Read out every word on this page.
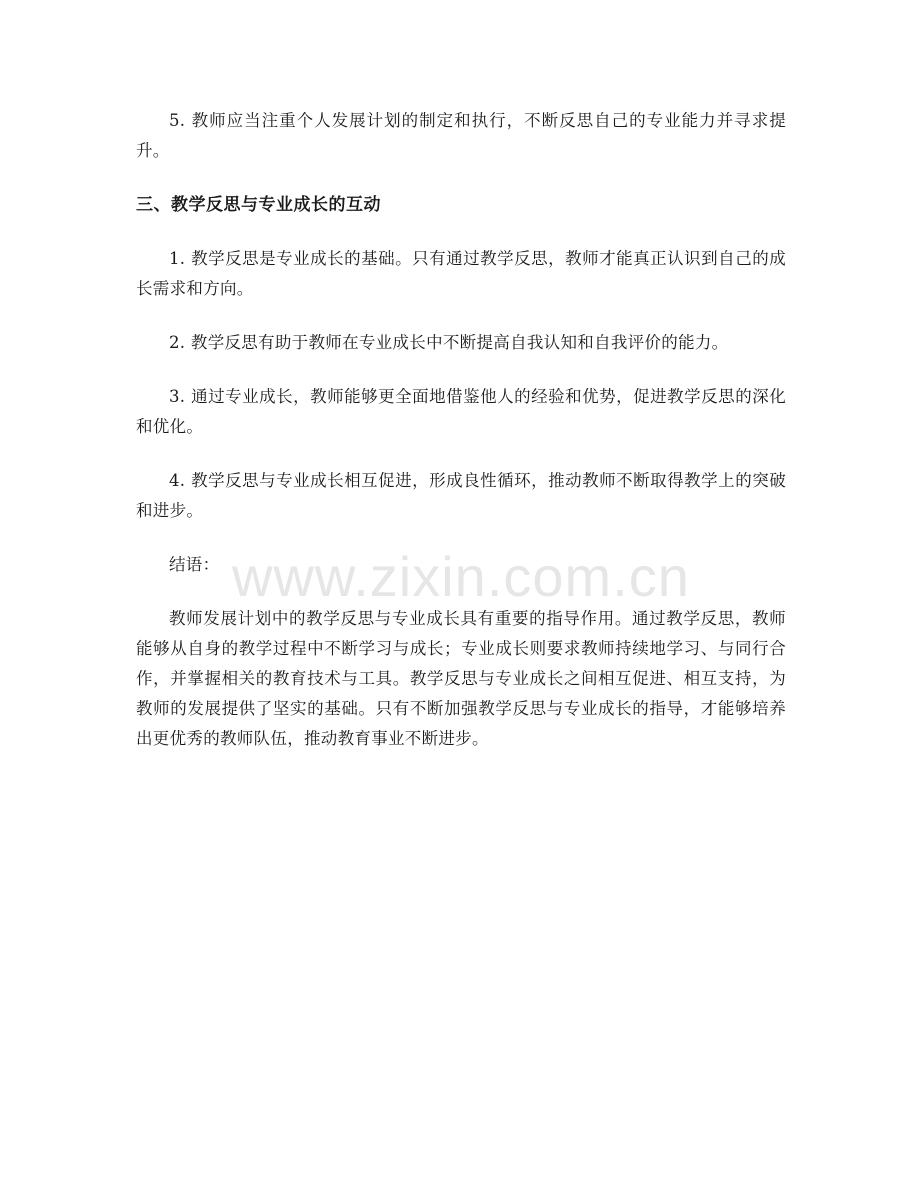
5. 教师应当注重个人发展计划的制定和执行，不断反思自己的专业能力并寻求提升。

三、教学反思与专业成长的互动

1. 教学反思是专业成长的基础。只有通过教学反思，教师才能真正认识到自己的成长需求和方向。

2. 教学反思有助于教师在专业成长中不断提高自我认知和自我评价的能力。

3. 通过专业成长，教师能够更全面地借鉴他人的经验和优势，促进教学反思的深化和优化。

4. 教学反思与专业成长相互促进，形成良性循环，推动教师不断取得教学上的突破和进步。

结语：

教师发展计划中的教学反思与专业成长具有重要的指导作用。通过教学反思，教师能够从自身的教学过程中不断学习与成长；专业成长则要求教师持续地学习、与同行合作，并掌握相关的教育技术与工具。教学反思与专业成长之间相互促进、相互支持，为教师的发展提供了坚实的基础。只有不断加强教学反思与专业成长的指导，才能够培养出更优秀的教师队伍，推动教育事业不断进步。

www.zixin.com.cn
